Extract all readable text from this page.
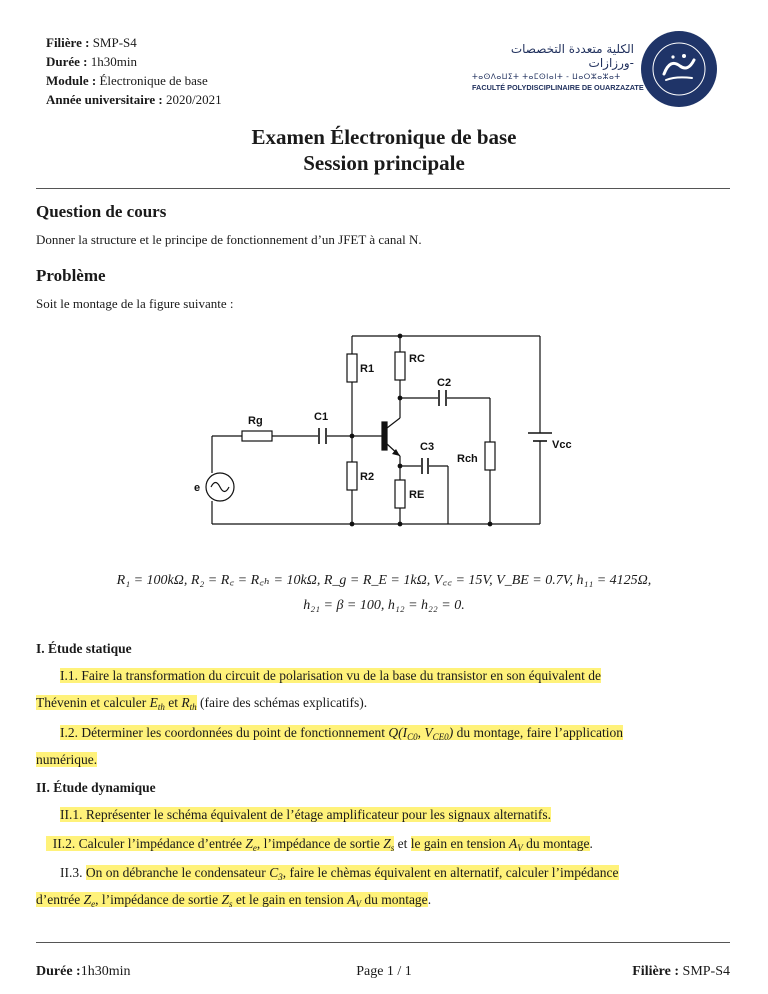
Filière : SMP-S4
Durée : 1h30min
Module : Électronique de base
Année universitaire : 2020/2021
الكلية متعددة التخصصات -ورزازات
ⵜⴰⵙⴷⴰⵡⵉⵜ ⵜⴰⵎⵙⵏⴰⵏⵜ - ⵡⴰⵔⵣⴰⵣⴰⵜ
FACULTÉ POLYDISCIPLINAIRE DE OUARZAZATE
Examen Électronique de base
Session principale
Question de cours
Donner la structure et le principe de fonctionnement d’un JFET à canal N.
Problème
Soit le montage de la figure suivante :
R1
RC
C2
Rg	C1
C3
Rch
Vcc
R2
RE
e
R₁ = 100kΩ, R₂ = R꜀ = R꜀ₕ = 10kΩ, R_g = R_E = 1kΩ, V꜀꜀ = 15V, V_BE = 0.7V, h₁₁ = 4125Ω,
h₂₁ = β = 100, h₁₂ = h₂₂ = 0.
I. Étude statique
I.1. Faire la transformation du circuit de polarisation vu de la base du transistor en son équivalent de
Thévenin et calculer $E_{th}$ et $R_{th}$ (faire des schémas explicatifs).
I.2. Déterminer les coordonnées du point de fonctionnement $Q(I_{C0}$, $V_{CE0}$) du montage, faire l’application
numérique.
II. Étude dynamique
II.1. Représenter le schéma équivalent de l’étage amplificateur pour les signaux alternatifs.
II.2. Calculer l’impédance d’entrée $Z_e$, l’impédance de sortie $Z_s$ et le gain en tension $A_V$ du montage.
II.3. On on débranche le condensateur $C_3$, faire le chèmas équivalent en alternatif, calculer l’impédance
d’entrée $Z_e$, l’impédance de sortie $Z_s$ et le gain en tension $A_V$ du montage.
Durée :1h30min	Page 1 / 1	Filière : SMP-S4
